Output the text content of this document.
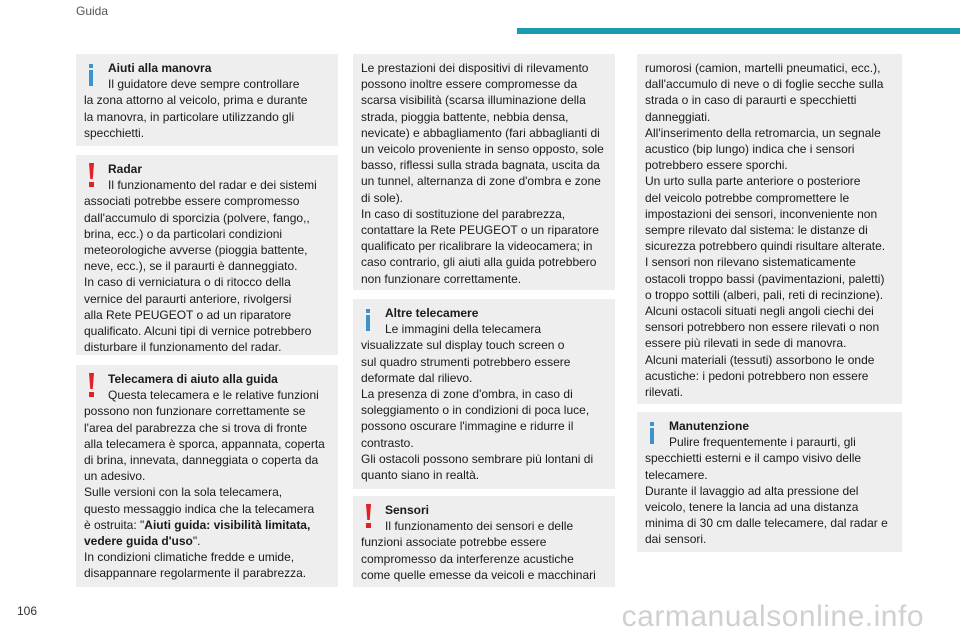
Guida
Aiuti alla manovra
Il guidatore deve sempre controllare
la zona attorno al veicolo, prima e durante
la manovra, in particolare utilizzando gli
specchietti.
Radar
Il funzionamento del radar e dei sistemi
associati potrebbe essere compromesso
dall'accumulo di sporcizia (polvere, fango,,
brina, ecc.) o da particolari condizioni
meteorologiche avverse (pioggia battente,
neve, ecc.), se il paraurti è danneggiato.
In caso di verniciatura o di ritocco della
vernice del paraurti anteriore, rivolgersi
alla Rete PEUGEOT o ad un riparatore
qualificato. Alcuni tipi di vernice potrebbero
disturbare il funzionamento del radar.
Telecamera di aiuto alla guida
Questa telecamera e le relative funzioni
possono non funzionare correttamente se
l'area del parabrezza che si trova di fronte
alla telecamera è sporca, appannata, coperta
di brina, innevata, danneggiata o coperta da
un adesivo.
Sulle versioni con la sola telecamera,
questo messaggio indica che la telecamera
è ostruita: "Aiuti guida: visibilità limitata,
vedere guida d'uso".
In condizioni climatiche fredde e umide,
disappannare regolarmente il parabrezza.
Le prestazioni dei dispositivi di rilevamento
possono inoltre essere compromesse da
scarsa visibilità (scarsa illuminazione della
strada, pioggia battente, nebbia densa,
nevicate) e abbagliamento (fari abbaglianti di
un veicolo proveniente in senso opposto, sole
basso, riflessi sulla strada bagnata, uscita da
un tunnel, alternanza di zone d'ombra e zone
di sole).
In caso di sostituzione del parabrezza,
contattare la Rete PEUGEOT o un riparatore
qualificato per ricalibrare la videocamera; in
caso contrario, gli aiuti alla guida potrebbero
non funzionare correttamente.
Altre telecamere
Le immagini della telecamera
visualizzate sul display touch screen o
sul quadro strumenti potrebbero essere
deformate dal rilievo.
La presenza di zone d'ombra, in caso di
soleggiamento o in condizioni di poca luce,
possono oscurare l'immagine e ridurre il
contrasto.
Gli ostacoli possono sembrare più lontani di
quanto siano in realtà.
Sensori
Il funzionamento dei sensori e delle
funzioni associate potrebbe essere
compromesso da interferenze acustiche
come quelle emesse da veicoli e macchinari
rumorosi (camion, martelli pneumatici, ecc.),
dall'accumulo di neve o di foglie secche sulla
strada o in caso di paraurti e specchietti
danneggiati.
All'inserimento della retromarcia, un segnale
acustico (bip lungo) indica che i sensori
potrebbero essere sporchi.
Un urto sulla parte anteriore o posteriore
del veicolo potrebbe compromettere le
impostazioni dei sensori, inconveniente non
sempre rilevato dal sistema: le distanze di
sicurezza potrebbero quindi risultare alterate.
I sensori non rilevano sistematicamente
ostacoli troppo bassi (pavimentazioni, paletti)
o troppo sottili (alberi, pali, reti di recinzione).
Alcuni ostacoli situati negli angoli ciechi dei
sensori potrebbero non essere rilevati o non
essere più rilevati in sede di manovra.
Alcuni materiali (tessuti) assorbono le onde
acustiche: i pedoni potrebbero non essere
rilevati.
Manutenzione
Pulire frequentemente i paraurti, gli
specchietti esterni e il campo visivo delle
telecamere.
Durante il lavaggio ad alta pressione del
veicolo, tenere la lancia ad una distanza
minima di 30 cm dalle telecamere, dal radar e
dai sensori.
106	carmanualsonline.info
